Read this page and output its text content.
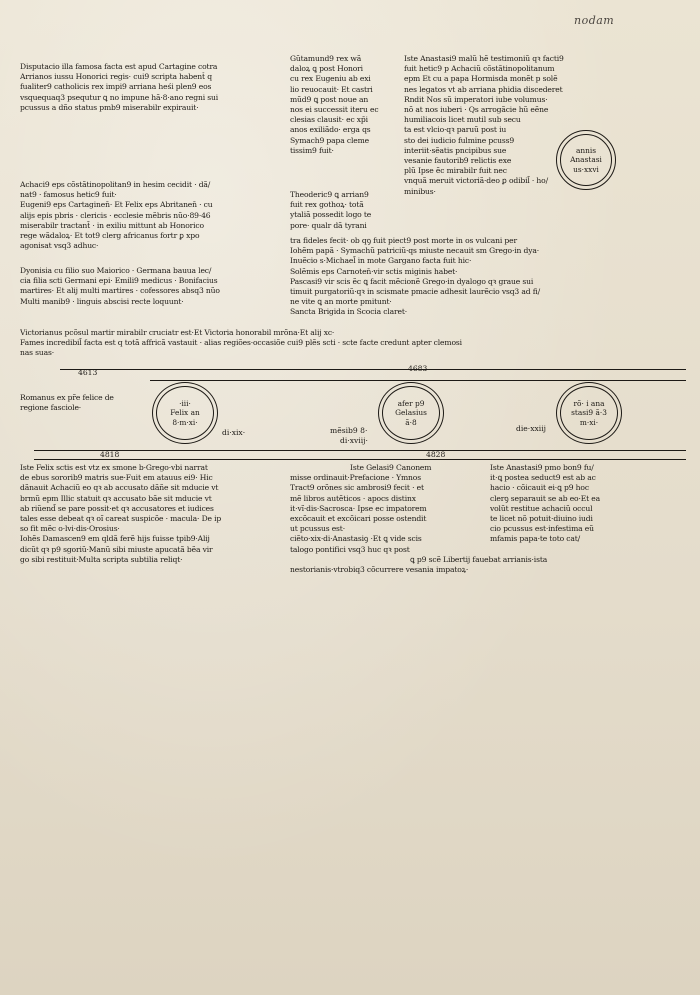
nodam

Disputacio illa famosa facta est apud Cartagine cotra

Arrianos iussu Honorici regis· cui9 scripta habent̃ q

fualiter9 catholicis rex impi9 arriana heśi plen9 eos

vsquequaq3 psequtur ꝗ no impune hã·8·ano regni sui

pcussus a dño status pmb9 miserabilr expirauit·

Achaci9 eps cõstãtinopolitan9 in hesim cecidit · dã/

nat9 · famosus hetic9 fuit·

Eugeni9 eps Cartaginen̄· Et Felix eps Abritanen̄ · cu

alijs epis pbris · clericis · ecclesie mẽbris nũo·89·46

miserabilr tractant̄ · in exiliu mittunt ab Honorico

rege wãdaloꝝ· Et tot9 clerg africanus fortr ꝑ xpo

agonisat vsq3 adhuc·

Dyonisia cu filio suo Maiorico · Germana bauua lec/

cia filia scti Germani epi· Emili9 medicus · Bonifacius

martires· Et alij multi martires · cofessores absq3 nũo

Multi manib9 · linguis abscisi recte loquunt·

Gũtamund9 rex wã

daloꝝ ꝗ post Honori

cu rex Eugeniu ab exi

lio reuocauit· Et castri

mũd9 ꝗ post noue an

nos ei successit iteru ec

clesias clausit· ec xp̄i

anos exiliãdo· erga qs

Symach9 papa cleme

tissim9 fuit·

Theoderic9 ꝗ arrian9

fuit rex gothoꝝ· totã

ytaliã possedit logo te

pore· qualr dã tyrani

Iste Anastasi9 malũ hẽ testimoniũ qꝛ facti9

fuit hetic9 p Achaciũ cõstãtinopolitanum

epm Et cu a papa Hormisda monẽt p solẽ

nes legatos vt ab arriana phidia discederet

Rndit Nos sũ imperatori iube volumus·

nõ at nos iuberi · Qs arrogãcie hũ eẽne

humiliacois licet mutil sub secu

ta est vlcio·qꝛ paruũ post iu

sto dei iudicio fulmine pcuss9

interiit·sẽatis pncipibus sue

vesanie fautorib9 relictis exe

plũ Ipse ẽc mirabilr fuit nec

vnquã meruit victoriã·deo ꝑ odibil̄ · ho/

minibus·

annis
Anastasi
us·xxvi

tra fideles fecit· ob qꝯ fuit piect9 post morte in os vulcani per

Iohẽm papã · Symachũ patriciũ·qs miuste necauit sm Grego·in dya·

Inuẽcio s·Michael̄ in mote Gargano facta fuit hic·

Solẽmis eps Carnoten̄·vir sctis miginis habet·

Pascasi9 vir scis ẽc ꝗ facit mẽcionẽ Grego·in dyalogo qꝛ graue sui

timuit purgatoriũ·qꝛ in scismate pmacie adhesit laurẽcio vsq3 ad fi/

ne vite ꝗ an morte pmitunt·

Sancta Brigida in Scocia claret·

Victorianus pcõsul martir mirabilr cruciatr est·Et Victoria honorabil mrõna·Et alij xc·

Fames incredibil̄ facta est q totã affricã vastauit · alias regiões·occasiõe cui9 plẽs scti · scte facte credunt apter clemosi

nas suas·

4613	4683

Romanus ex pr̃e felice de

regione fasciole·	·iii·
Felix an
8·m·xi·
di·xix·
afer p9
Gelasius
ã·8
mẽsib9 8·
di·xviij·
rõ· i ana
stasi9 ã·3
m·xi·
die·xxiij
4818	4828

Iste Felix sctis est vtz ex smone b·Grego·vbi narrat

de ebus sororib9 matris sue·Fuit em atauus ei9· Hic

dãnauit Achaciũ eo qꝛ ab accusato dãñe sit mducie vt

brmũ epm Illic statuit qꝛ accusato bãe sit mducie vt

ab riũend̄ se pare possit·et qꝛ accusatores et iudices

tales esse debeat qꝛ oĩ careat suspicõe · macula· De ip

so fit mẽc o·lvi·dis·Orosius·

Iohẽs Damascen9 em qldã ferẽ hijs fuisse tpib9·Alij

dicũt qꝛ p9 sgoriũ·Manũ sibi miuste apucatã bẽa vir

go sibi restituit·Multa scripta subtilia reliqt·

Iste Gelasi9 Canonem

misse ordinauit·Prefacione · Ymnos

Tract9 orõnes sic ambrosi9 fecit · et

mẽ libros autẽticos · apocs distinx

it·vĩ·dis·Sacrosca· Ipse ec impatorem

excõcauit et excõicari posse ostendit

ut pcussus est·

ciẽto·xix·di·Anastasiꝯ ·Et ꝗ vide scis

talogo pontifici vsq3 huc qꝛ post

Iste Anastasi9 pmo bon9 fu/

it·ꝗ postea seduct9 est ab ac

hacio · cõicauit ei·ꝗ p9 hoc

clerꝯ separauit se ab eo·Et ea

volũt restitue achaciũ occul

te licet nõ potuit·diuino iudi

cio pcussus est·infestima eũ

mfamis papa·te toto cat/

ꝗ p9 scẽ Libertij fauebat arrianis·ista

nestorianis·vtrobiq3 cõcurrere vesania impatoꝝ·
